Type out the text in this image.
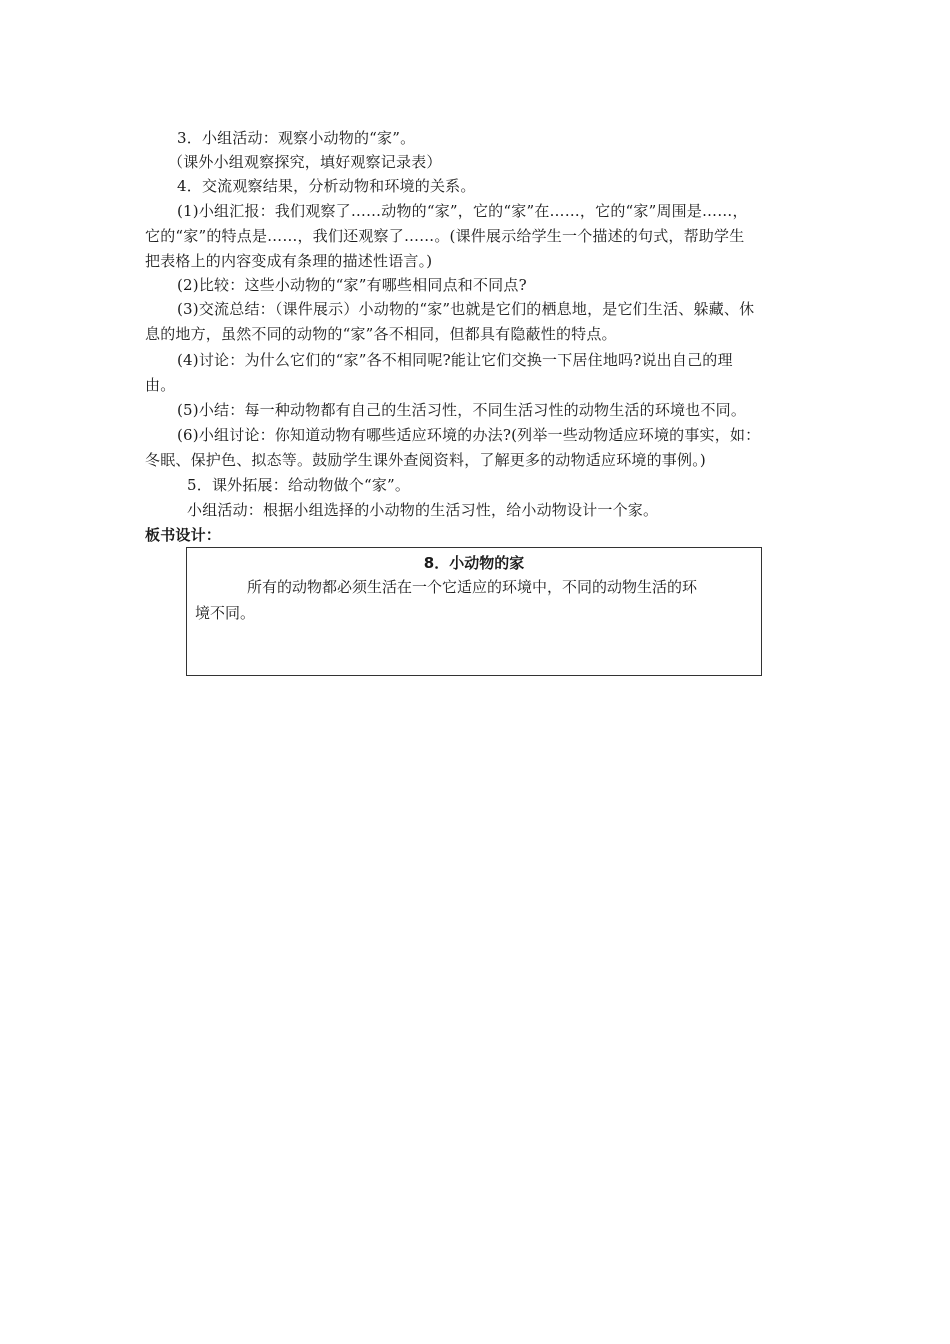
3．小组活动：观察小动物的“家”。
（课外小组观察探究，填好观察记录表）
4．交流观察结果，分析动物和环境的关系。
(1)小组汇报：我们观察了……动物的“家”，它的“家”在……，它的“家”周围是……，
它的“家”的特点是……，我们还观察了……。(课件展示给学生一个描述的句式，帮助学生
把表格上的内容变成有条理的描述性语言。)
(2)比较：这些小动物的“家”有哪些相同点和不同点?
(3)交流总结：（课件展示）小动物的“家”也就是它们的栖息地，是它们生活、躲藏、休
息的地方，虽然不同的动物的“家”各不相同，但都具有隐蔽性的特点。
(4)讨论：为什么它们的“家”各不相同呢?能让它们交换一下居住地吗?说出自己的理
由。
(5)小结：每一种动物都有自己的生活习性，不同生活习性的动物生活的环境也不同。
(6)小组讨论：你知道动物有哪些适应环境的办法?(列举一些动物适应环境的事实，如：
冬眠、保护色、拟态等。鼓励学生课外查阅资料，了解更多的动物适应环境的事例。)
5．课外拓展：给动物做个“家”。
小组活动：根据小组选择的小动物的生活习性，给小动物设计一个家。
板书设计：
8．小动物的家
所有的动物都必须生活在一个它适应的环境中，不同的动物生活的环
境不同。
